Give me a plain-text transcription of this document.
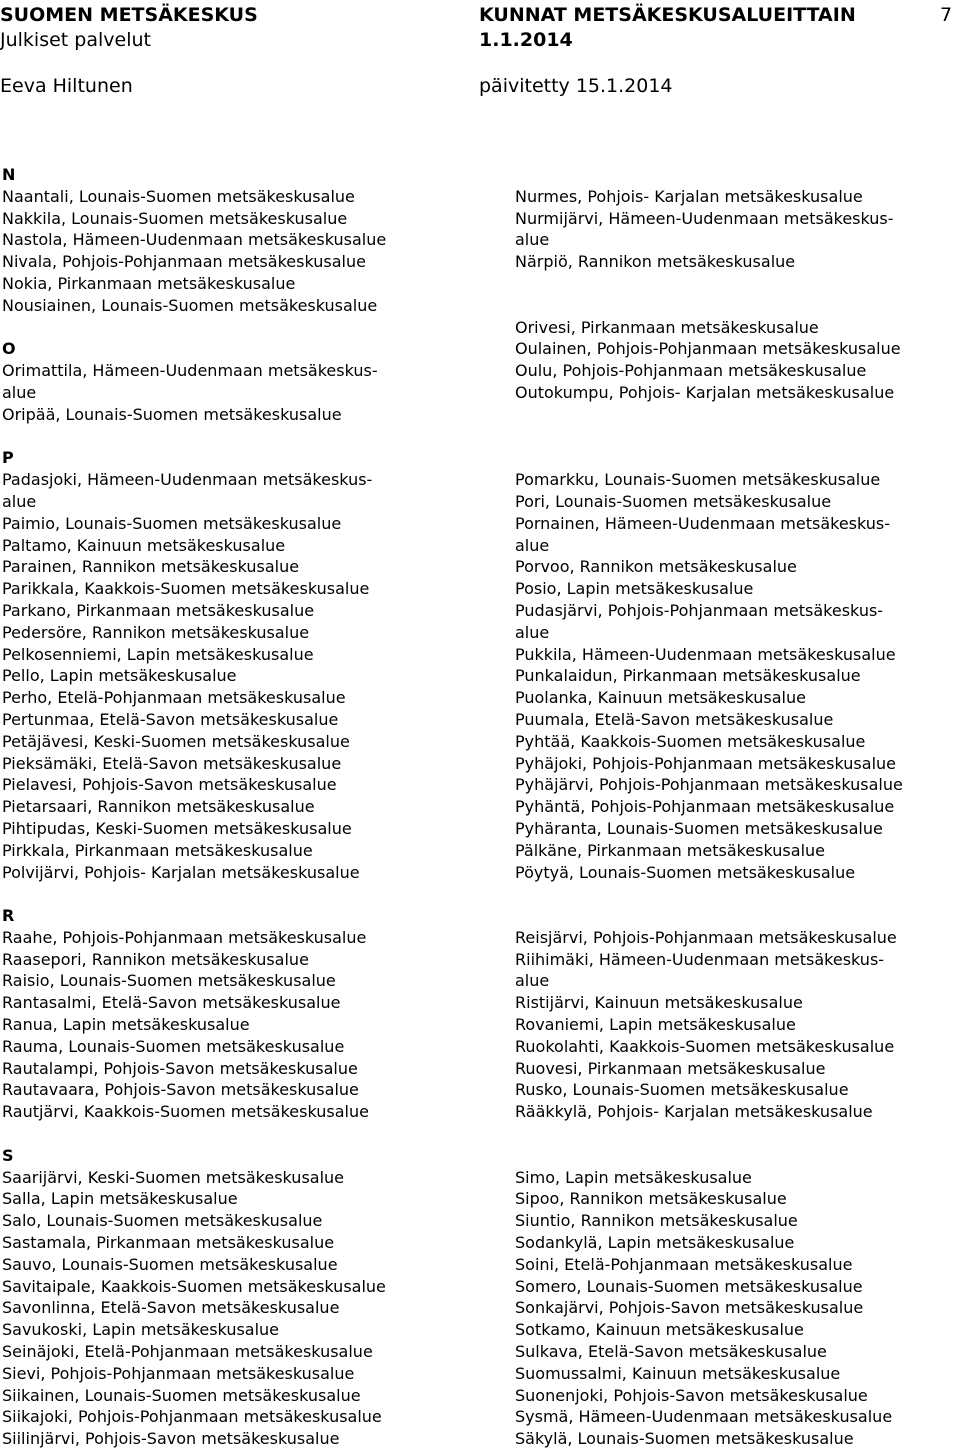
SUOMEN METSÄKESKUS	KUNNAT METSÄKESKUSALUEITTAIN	7
Julkiset palvelut	1.1.2014
Eeva Hiltunen	päivitetty 15.1.2014
N
Naantali, Lounais-Suomen metsäkeskusalue
Nakkila, Lounais-Suomen metsäkeskusalue
Nastola, Hämeen-Uudenmaan metsäkeskusalue
Nivala, Pohjois-Pohjanmaan metsäkeskusalue
Nokia, Pirkanmaan metsäkeskusalue
Nousiainen, Lounais-Suomen metsäkeskusalue
O
Orimattila, Hämeen-Uudenmaan metsäkeskus-
alue
Oripää, Lounais-Suomen metsäkeskusalue
P
Padasjoki, Hämeen-Uudenmaan metsäkeskus-
alue
Paimio, Lounais-Suomen metsäkeskusalue
Paltamo, Kainuun metsäkeskusalue
Parainen, Rannikon metsäkeskusalue
Parikkala, Kaakkois-Suomen metsäkeskusalue
Parkano, Pirkanmaan metsäkeskusalue
Pedersöre, Rannikon metsäkeskusalue
Pelkosenniemi, Lapin metsäkeskusalue
Pello, Lapin metsäkeskusalue
Perho, Etelä-Pohjanmaan metsäkeskusalue
Pertunmaa, Etelä-Savon metsäkeskusalue
Petäjävesi, Keski-Suomen metsäkeskusalue
Pieksämäki, Etelä-Savon metsäkeskusalue
Pielavesi, Pohjois-Savon metsäkeskusalue
Pietarsaari, Rannikon metsäkeskusalue
Pihtipudas, Keski-Suomen metsäkeskusalue
Pirkkala, Pirkanmaan metsäkeskusalue
Polvijärvi, Pohjois- Karjalan metsäkeskusalue
R
Raahe, Pohjois-Pohjanmaan metsäkeskusalue
Raasepori, Rannikon metsäkeskusalue
Raisio, Lounais-Suomen metsäkeskusalue
Rantasalmi, Etelä-Savon metsäkeskusalue
Ranua, Lapin metsäkeskusalue
Rauma, Lounais-Suomen metsäkeskusalue
Rautalampi, Pohjois-Savon metsäkeskusalue
Rautavaara, Pohjois-Savon metsäkeskusalue
Rautjärvi, Kaakkois-Suomen metsäkeskusalue
S
Saarijärvi, Keski-Suomen metsäkeskusalue
Salla, Lapin metsäkeskusalue
Salo, Lounais-Suomen metsäkeskusalue
Sastamala, Pirkanmaan metsäkeskusalue
Sauvo, Lounais-Suomen metsäkeskusalue
Savitaipale, Kaakkois-Suomen metsäkeskusalue
Savonlinna, Etelä-Savon metsäkeskusalue
Savukoski, Lapin metsäkeskusalue
Seinäjoki, Etelä-Pohjanmaan metsäkeskusalue
Sievi, Pohjois-Pohjanmaan metsäkeskusalue
Siikainen, Lounais-Suomen metsäkeskusalue
Siikajoki, Pohjois-Pohjanmaan metsäkeskusalue
Siilinjärvi, Pohjois-Savon metsäkeskusalue
Nurmes, Pohjois- Karjalan metsäkeskusalue
Nurmijärvi, Hämeen-Uudenmaan metsäkeskus-
alue
Närpiö, Rannikon metsäkeskusalue
Orivesi, Pirkanmaan metsäkeskusalue
Oulainen, Pohjois-Pohjanmaan metsäkeskusalue
Oulu, Pohjois-Pohjanmaan metsäkeskusalue
Outokumpu, Pohjois- Karjalan metsäkeskusalue
Pomarkku, Lounais-Suomen metsäkeskusalue
Pori, Lounais-Suomen metsäkeskusalue
Pornainen, Hämeen-Uudenmaan metsäkeskus-
alue
Porvoo, Rannikon metsäkeskusalue
Posio, Lapin metsäkeskusalue
Pudasjärvi, Pohjois-Pohjanmaan metsäkeskus-
alue
Pukkila, Hämeen-Uudenmaan metsäkeskusalue
Punkalaidun, Pirkanmaan metsäkeskusalue
Puolanka, Kainuun metsäkeskusalue
Puumala, Etelä-Savon metsäkeskusalue
Pyhtää, Kaakkois-Suomen metsäkeskusalue
Pyhäjoki, Pohjois-Pohjanmaan metsäkeskusalue
Pyhäjärvi, Pohjois-Pohjanmaan metsäkeskusalue
Pyhäntä, Pohjois-Pohjanmaan metsäkeskusalue
Pyhäranta, Lounais-Suomen metsäkeskusalue
Pälkäne, Pirkanmaan metsäkeskusalue
Pöytyä, Lounais-Suomen metsäkeskusalue
Reisjärvi, Pohjois-Pohjanmaan metsäkeskusalue
Riihimäki, Hämeen-Uudenmaan metsäkeskus-
alue
Ristijärvi, Kainuun metsäkeskusalue
Rovaniemi, Lapin metsäkeskusalue
Ruokolahti, Kaakkois-Suomen metsäkeskusalue
Ruovesi, Pirkanmaan metsäkeskusalue
Rusko, Lounais-Suomen metsäkeskusalue
Rääkkylä, Pohjois- Karjalan metsäkeskusalue
Simo, Lapin metsäkeskusalue
Sipoo, Rannikon metsäkeskusalue
Siuntio, Rannikon metsäkeskusalue
Sodankylä, Lapin metsäkeskusalue
Soini, Etelä-Pohjanmaan metsäkeskusalue
Somero, Lounais-Suomen metsäkeskusalue
Sonkajärvi, Pohjois-Savon metsäkeskusalue
Sotkamo, Kainuun metsäkeskusalue
Sulkava, Etelä-Savon metsäkeskusalue
Suomussalmi, Kainuun metsäkeskusalue
Suonenjoki, Pohjois-Savon metsäkeskusalue
Sysmä, Hämeen-Uudenmaan metsäkeskusalue
Säkylä, Lounais-Suomen metsäkeskusalue
